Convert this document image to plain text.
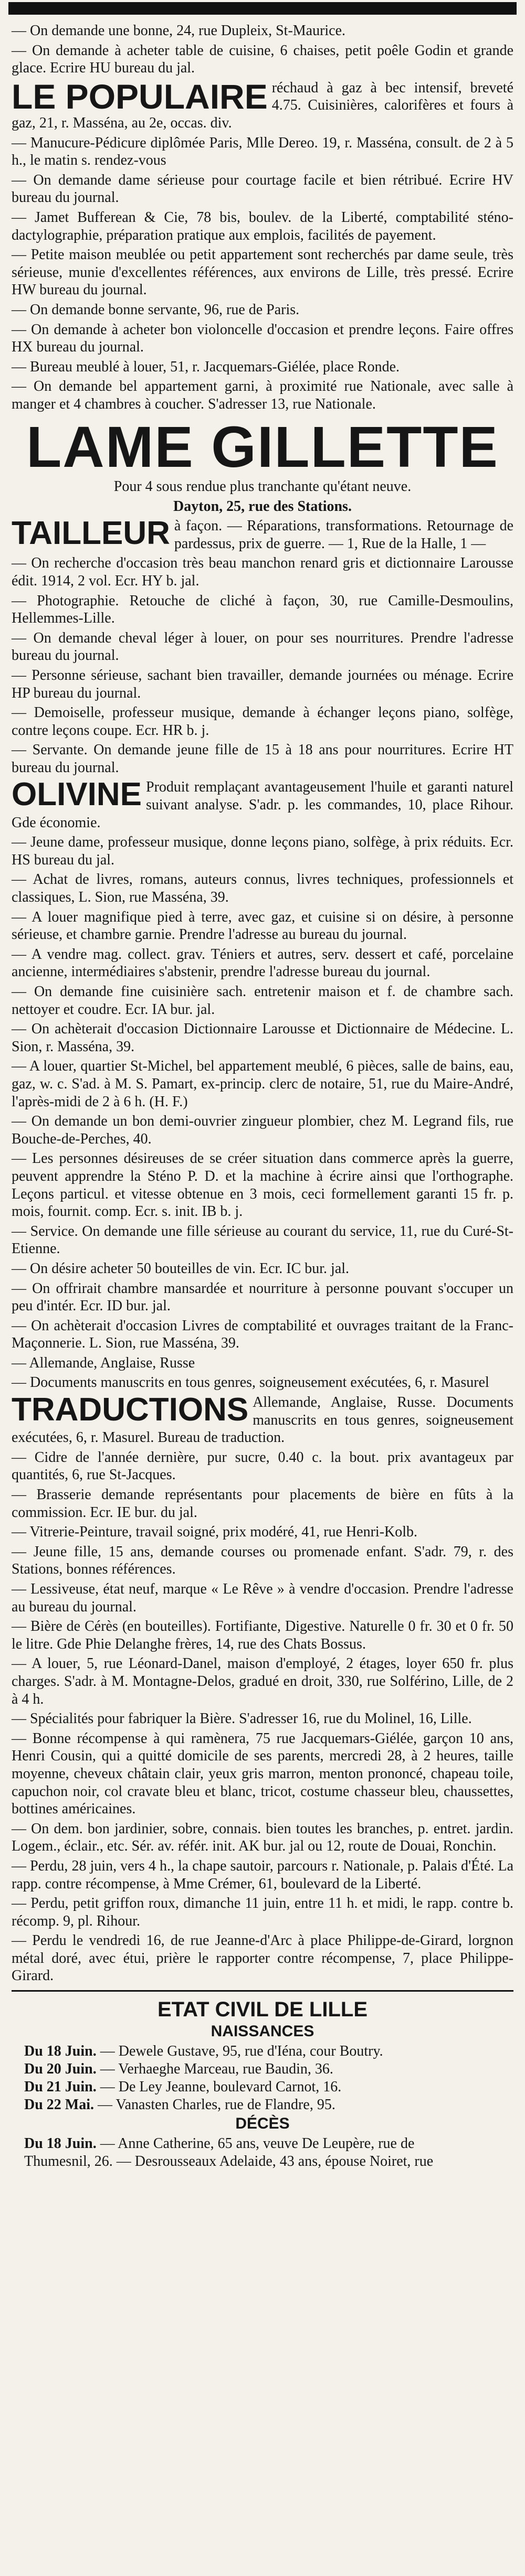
— On demande une bonne, 24, rue Dupleix, St-Maurice.

— On demande à acheter table de cuisine, 6 chaises, petit poêle Godin et grande glace. Ecrire HU bureau du jal.

LE POPULAIRE réchaud à gaz à bec intensif, breveté 4.75. Cuisinières, calorifères et fours à gaz, 21, r. Masséna, au 2e, occas. div.

— Manucure-Pédicure diplômée Paris, Mlle Dereo. 19, r. Masséna, consult. de 2 à 5 h., le matin s. rendez-vous

— On demande dame sérieuse pour courtage facile et bien rétribué. Ecrire HV bureau du journal.

— Jamet Bufferean & Cie, 78 bis, boulev. de la Liberté, comptabilité sténo-dactylographie, préparation pratique aux emplois, facilités de payement.

— Petite maison meublée ou petit appartement sont recherchés par dame seule, très sérieuse, munie d'excellentes références, aux environs de Lille, très pressé. Ecrire HW bureau du journal.

— On demande bonne servante, 96, rue de Paris.

— On demande à acheter bon violoncelle d'occasion et prendre leçons. Faire offres HX bureau du journal.

— Bureau meublé à louer, 51, r. Jacquemars-Giélée, place Ronde.

— On demande bel appartement garni, à proximité rue Nationale, avec salle à manger et 4 chambres à coucher. S'adresser 13, rue Nationale.

LAME GILLETTE

Pour 4 sous rendue plus tranchante qu'étant neuve.

Dayton, 25, rue des Stations.

TAILLEUR à façon. — Réparations, transformations. Retournage de pardessus, prix de guerre. — 1, Rue de la Halle, 1 —

— On recherche d'occasion très beau manchon renard gris et dictionnaire Larousse édit. 1914, 2 vol. Ecr. HY b. jal.

— Photographie. Retouche de cliché à façon, 30, rue Camille-Desmoulins, Hellemmes-Lille.

— On demande cheval léger à louer, on pour ses nourritures. Prendre l'adresse bureau du journal.

— Personne sérieuse, sachant bien travailler, demande journées ou ménage. Ecrire HP bureau du journal.

— Demoiselle, professeur musique, demande à échanger leçons piano, solfège, contre leçons coupe. Ecr. HR b. j.

— Servante. On demande jeune fille de 15 à 18 ans pour nourritures. Ecrire HT bureau du journal.

OLIVINE Produit remplaçant avantageusement l'huile et garanti naturel suivant analyse. S'adr. p. les commandes, 10, place Rihour. Gde économie.

— Jeune dame, professeur musique, donne leçons piano, solfège, à prix réduits. Ecr. HS bureau du jal.

— Achat de livres, romans, auteurs connus, livres techniques, professionnels et classiques, L. Sion, rue Masséna, 39.

— A louer magnifique pied à terre, avec gaz, et cuisine si on désire, à personne sérieuse, et chambre garnie. Prendre l'adresse au bureau du journal.

— A vendre mag. collect. grav. Téniers et autres, serv. dessert et café, porcelaine ancienne, intermédiaires s'abstenir, prendre l'adresse bureau du journal.

— On demande fine cuisinière sach. entretenir maison et f. de chambre sach. nettoyer et coudre. Ecr. IA bur. jal.

— On achèterait d'occasion Dictionnaire Larousse et Dictionnaire de Médecine. L. Sion, r. Masséna, 39.

— A louer, quartier St-Michel, bel appartement meublé, 6 pièces, salle de bains, eau, gaz, w. c. S'ad. à M. S. Pamart, ex-princip. clerc de notaire, 51, rue du Maire-André, l'après-midi de 2 à 6 h. (H. F.)

— On demande un bon demi-ouvrier zingueur plombier, chez M. Legrand fils, rue Bouche-de-Perches, 40.

— Les personnes désireuses de se créer situation dans commerce après la guerre, peuvent apprendre la Sténo P. D. et la machine à écrire ainsi que l'orthographe. Leçons particul. et vitesse obtenue en 3 mois, ceci formellement garanti 15 fr. p. mois, fournit. comp. Ecr. s. init. IB b. j.

— Service. On demande une fille sérieuse au courant du service, 11, rue du Curé-St-Etienne.

— On désire acheter 50 bouteilles de vin. Ecr. IC bur. jal.

— On offrirait chambre mansardée et nourriture à personne pouvant s'occuper un peu d'intér. Ecr. ID bur. jal.

— On achèterait d'occasion Livres de comptabilité et ouvrages traitant de la Franc-Maçonnerie. L. Sion, rue Masséna, 39.

— Allemande, Anglaise, Russe

— Documents manuscrits en tous genres, soigneusement exécutées, 6, r. Masurel

TRADUCTIONS Allemande, Anglaise, Russe. Documents manuscrits en tous genres, soigneusement exécutées, 6, r. Masurel. Bureau de traduction.

— Cidre de l'année dernière, pur sucre, 0.40 c. la bout. prix avantageux par quantités, 6, rue St-Jacques.

— Brasserie demande représentants pour placements de bière en fûts à la commission. Ecr. IE bur. du jal.

— Vitrerie-Peinture, travail soigné, prix modéré, 41, rue Henri-Kolb.

— Jeune fille, 15 ans, demande courses ou promenade enfant. S'adr. 79, r. des Stations, bonnes références.

— Lessiveuse, état neuf, marque « Le Rêve » à vendre d'occasion. Prendre l'adresse au bureau du journal.

— Bière de Cérès (en bouteilles). Fortifiante, Digestive. Naturelle 0 fr. 30 et 0 fr. 50 le litre. Gde Phie Delanghe frères, 14, rue des Chats Bossus.

— A louer, 5, rue Léonard-Danel, maison d'employé, 2 étages, loyer 650 fr. plus charges. S'adr. à M. Montagne-Delos, gradué en droit, 330, rue Solférino, Lille, de 2 à 4 h.

— Spécialités pour fabriquer la Bière. S'adresser 16, rue du Molinel, 16, Lille.

— Bonne récompense à qui ramènera, 75 rue Jacquemars-Giélée, garçon 10 ans, Henri Cousin, qui a quitté domicile de ses parents, mercredi 28, à 2 heures, taille moyenne, cheveux châtain clair, yeux gris marron, menton prononcé, chapeau toile, capuchon noir, col cravate bleu et blanc, tricot, costume chasseur bleu, chaussettes, bottines américaines.

— On dem. bon jardinier, sobre, connais. bien toutes les branches, p. entret. jardin. Logem., éclair., etc. Sér. av. référ. init. AK bur. jal ou 12, route de Douai, Ronchin.

— Perdu, 28 juin, vers 4 h., la chape sautoir, parcours r. Nationale, p. Palais d'Été. La rapp. contre récompense, à Mme Crémer, 61, boulevard de la Liberté.

— Perdu, petit griffon roux, dimanche 11 juin, entre 11 h. et midi, le rapp. contre b. récomp. 9, pl. Rihour.

— Perdu le vendredi 16, de rue Jeanne-d'Arc à place Philippe-de-Girard, lorgnon métal doré, avec étui, prière le rapporter contre récompense, 7, place Philippe-Girard.

ETAT CIVIL DE LILLE
NAISSANCES

Du 18 Juin. — Dewele Gustave, 95, rue d'Iéna, cour Boutry.

Du 20 Juin. — Verhaeghe Marceau, rue Baudin, 36.

Du 21 Juin. — De Ley Jeanne, boulevard Carnot, 16.

Du 22 Mai. — Vanasten Charles, rue de Flandre, 95.

DÉCÈS

Du 18 Juin. — Anne Catherine, 65 ans, veuve De Leupère, rue de

Thumesnil, 26. — Desrousseaux Adelaide, 43 ans, épouse Noiret, rue
